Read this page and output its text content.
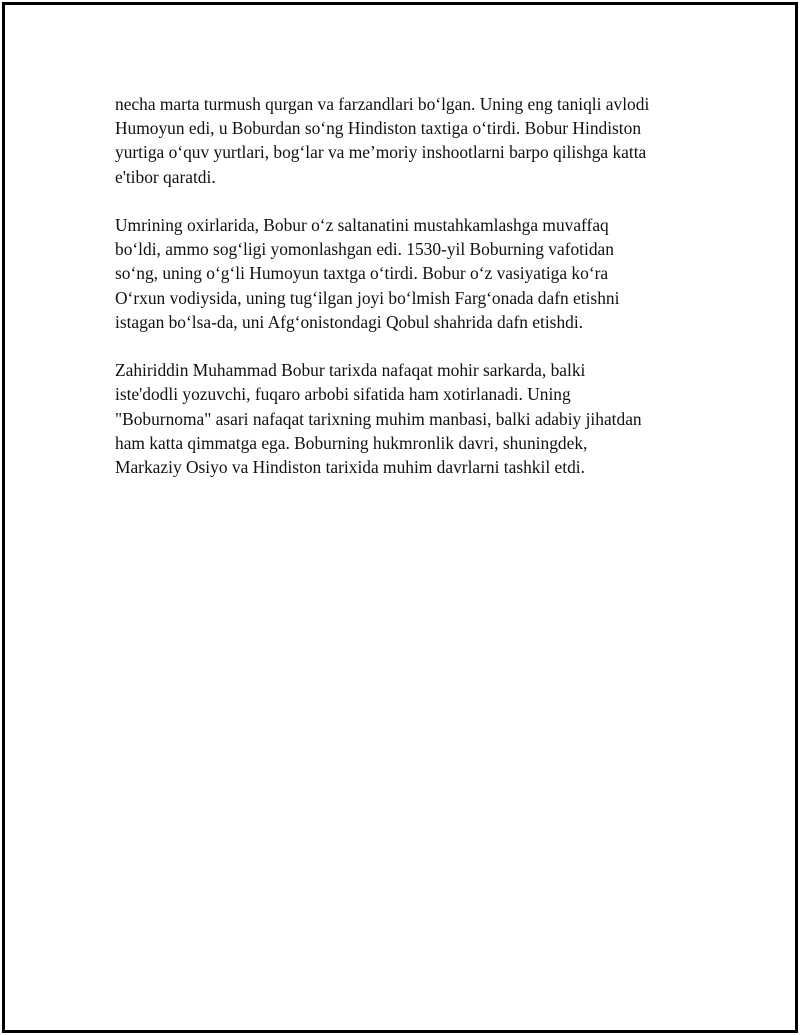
necha marta turmush qurgan va farzandlari boʻlgan. Uning eng taniqli avlodi
Humoyun edi, u Boburdan soʻng Hindiston taxtiga oʻtirdi. Bobur Hindiston
yurtiga oʻquv yurtlari, bogʻlar va me’moriy inshootlarni barpo qilishga katta
e'tibor qaratdi.

Umrining oxirlarida, Bobur oʻz saltanatini mustahkamlashga muvaffaq
boʻldi, ammo sogʻligi yomonlashgan edi. 1530-yil Boburning vafotidan
soʻng, uning oʻgʻli Humoyun taxtga oʻtirdi. Bobur oʻz vasiyatiga koʻra
Oʻrxun vodiysida, uning tugʻilgan joyi boʻlmish Fargʻonada dafn etishni
istagan boʻlsa-da, uni Afgʻonistondagi Qobul shahrida dafn etishdi.

Zahiriddin Muhammad Bobur tarixda nafaqat mohir sarkarda, balki
iste'dodli yozuvchi, fuqaro arbobi sifatida ham xotirlanadi. Uning
"Boburnoma" asari nafaqat tarixning muhim manbasi, balki adabiy jihatdan
ham katta qimmatga ega. Boburning hukmronlik davri, shuningdek,
Markaziy Osiyo va Hindiston tarixida muhim davrlarni tashkil etdi.
